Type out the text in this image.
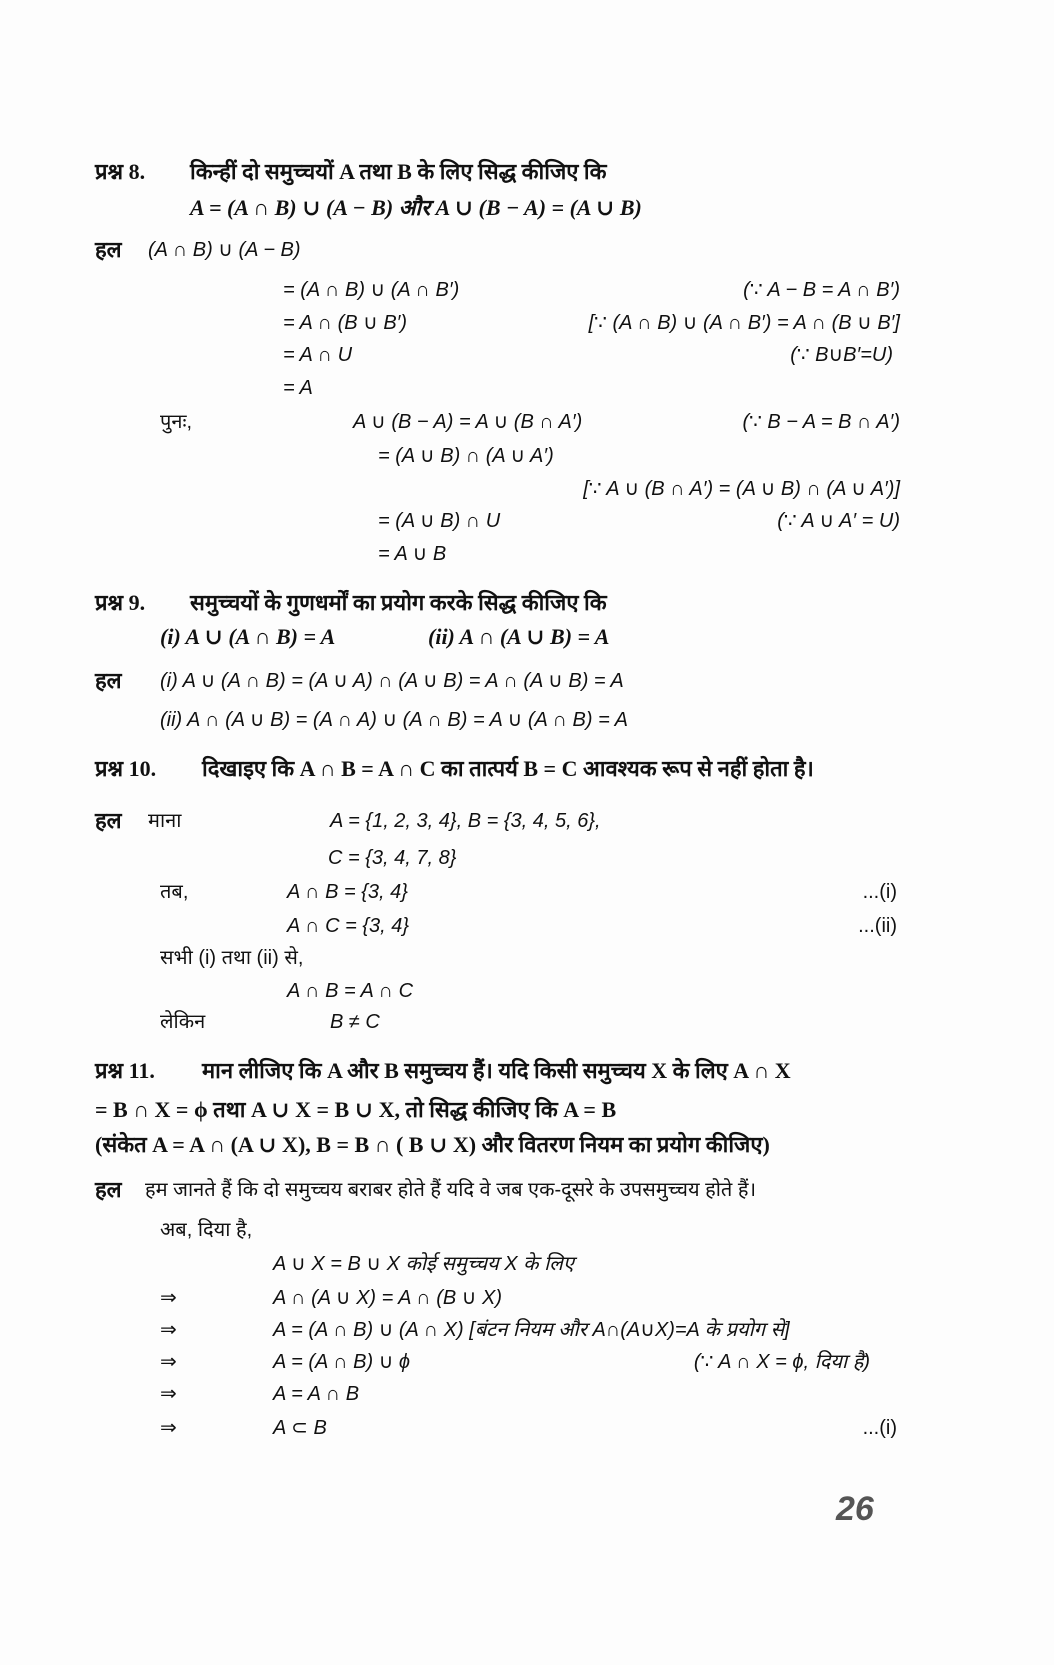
26
प्रश्न 8. किन्हीं दो समुच्चयों A तथा B के लिए सिद्ध कीजिए कि
A = (A ∩ B) ∪ (A − B) और A ∪ (B − A) = (A ∪ B)
हल (A ∩ B) ∪ (A − B)
= (A ∩ B) ∪ (A ∩ B′)	(∵ A − B = A ∩ B′)
= A ∩ (B ∪ B′)	[∵ (A ∩ B) ∪ (A ∩ B′) = A ∩ (B ∪ B′]
= A ∩ U	(∵ B∪B′=U)
= A
पुनः,	A ∪ (B − A) = A ∪ (B ∩ A′)	(∵ B − A = B ∩ A′)
= (A ∪ B) ∩ (A ∪ A′)
[∵ A ∪ (B ∩ A′) = (A ∪ B) ∩ (A ∪ A′)]
= (A ∪ B) ∩ U	(∵ A ∪ A′ = U)
= A ∪ B
प्रश्न 9. समुच्चयों के गुणधर्मों का प्रयोग करके सिद्ध कीजिए कि
(i) A ∪ (A ∩ B) = A	(ii) A ∩ (A ∪ B) = A
हल (i) A ∪ (A ∩ B) = (A ∪ A) ∩ (A ∪ B) = A ∩ (A ∪ B) = A
(ii) A ∩ (A ∪ B) = (A ∩ A) ∪ (A ∩ B) = A ∪ (A ∩ B) = A
प्रश्न 10. दिखाइए कि A ∩ B = A ∩ C का तात्पर्य B = C आवश्यक रूप से नहीं होता है।
हल माना	A = {1, 2, 3, 4}, B = {3, 4, 5, 6},
C = {3, 4, 7, 8}
तब,	A ∩ B = {3, 4}	...(i)
A ∩ C = {3, 4}	...(ii)
सभी (i) तथा (ii) से,
A ∩ B = A ∩ C
लेकिन	B ≠ C
प्रश्न 11. मान लीजिए कि A और B समुच्चय हैं। यदि किसी समुच्चय X के लिए A ∩ X
= B ∩ X = ϕ तथा A ∪ X = B ∪ X, तो सिद्ध कीजिए कि A = B
(संकेत A = A ∩ (A ∪ X), B = B ∩ ( B ∪ X) और वितरण नियम का प्रयोग कीजिए)
हल हम जानते हैं कि दो समुच्चय बराबर होते हैं यदि वे जब एक-दूसरे के उपसमुच्चय होते हैं।
अब, दिया है,
A ∪ X = B ∪ X कोई समुच्चय X के लिए
⇒	A ∩ (A ∪ X) = A ∩ (B ∪ X)
⇒	A = (A ∩ B) ∪ (A ∩ X) [बंटन नियम और A∩(A∪X)=A के प्रयोग से]
⇒	A = (A ∩ B) ∪ ϕ	(∵ A ∩ X = ϕ, दिया है)
⇒	A = A ∩ B
⇒	A ⊂ B	...(i)
